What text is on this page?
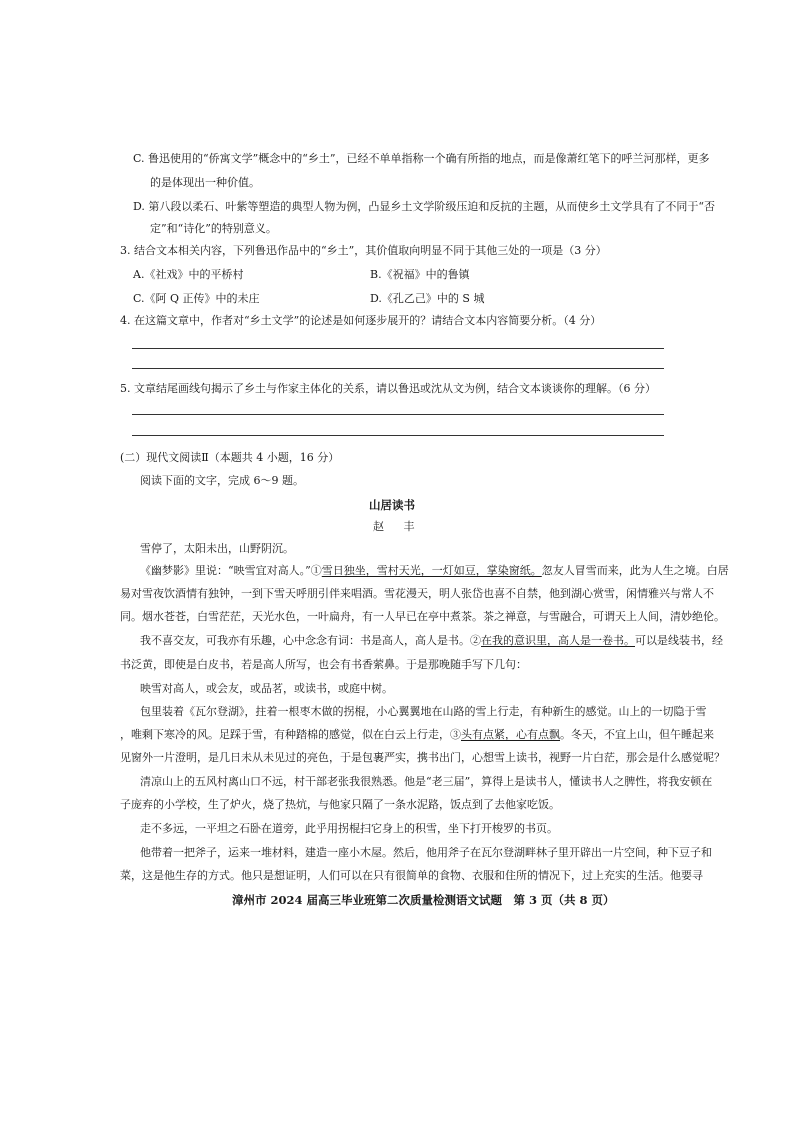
C. 鲁迅使用的“侨寓文学”概念中的“乡土”，已经不单单指称一个确有所指的地点，而是像萧红笔下的呼兰河那样，更多
的是体现出一种价值。
D. 第八段以柔石、叶紫等塑造的典型人物为例，凸显乡土文学阶级压迫和反抗的主题，从而使乡土文学具有了不同于“否
定”和“诗化”的特别意义。
3. 结合文本相关内容，下列鲁迅作品中的“乡土”，其价值取向明显不同于其他三处的一项是（3 分）
A.《社戏》中的平桥村	B.《祝福》中的鲁镇
C.《阿 Q 正传》中的未庄	D.《孔乙己》中的 S 城
4. 在这篇文章中，作者对“乡土文学”的论述是如何逐步展开的？请结合文本内容简要分析。（4 分）
5. 文章结尾画线句揭示了乡土与作家主体化的关系，请以鲁迅或沈从文为例，结合文本谈谈你的理解。（6 分）
(二）现代文阅读Ⅱ（本题共 4 小题，16 分）
阅读下面的文字，完成 6～9 题。
山居读书
赵 丰
雪停了，太阳未出，山野阴沉。
《幽梦影》里说：“映雪宜对高人。”①雪日独坐，雪村天光，一灯如豆，掌染窗纸。忽友人冒雪而来，此为人生之境。白居
易对雪夜饮酒情有独钟，一到下雪天呼朋引伴来唱酒。雪花漫天，明人张岱也喜不自禁，他到湖心赏雪，闲情雅兴与常人不
同。烟水苍苍，白雪茫茫，天光水色，一叶扁舟，有一人早已在亭中煮茶。茶之禅意，与雪融合，可谓天上人间，清妙绝伦。
我不喜交友，可我亦有乐趣，心中念念有词：书是高人，高人是书。②在我的意识里，高人是一卷书。可以是线装书，经
书泛黄，即使是白皮书，若是高人所写，也会有书香萦鼻。于是那晚随手写下几句：
映雪对高人，或会友，或品茗，或读书，或庭中树。
包里装着《瓦尔登湖》，拄着一根枣木做的拐棍，小心翼翼地在山路的雪上行走，有种新生的感觉。山上的一切隐于雪
，唯剩下寒冷的风。足踩于雪，有种踏棉的感觉，似在白云上行走，③头有点紧，心有点飘。冬天，不宜上山，但午睡起来
见窗外一片澄明，是几日未从未见过的亮色，于是包裹严实，携书出门，心想雪上读书，视野一片白茫，那会是什么感觉呢？
清凉山上的五风村离山口不远，村干部老张我很熟悉。他是“老三届”，算得上是读书人，懂读书人之脾性，将我安顿在
子庞弃的小学校，生了炉火，烧了热炕，与他家只隔了一条水泥路，饭点到了去他家吃饭。
走不多远，一平坦之石卧在道旁，此乎用拐棍扫它身上的积雪，坐下打开梭罗的书页。
他带着一把斧子，运来一堆材料，建造一座小木屋。然后，他用斧子在瓦尔登湖畔林子里开辟出一片空间，种下豆子和
菜，这是他生存的方式。他只是想证明，人们可以在只有很简单的食物、衣服和住所的情况下，过上充实的生活。他要寻
漳州市 2024 届高三毕业班第二次质量检测语文试题　第 3 页（共 8 页）
